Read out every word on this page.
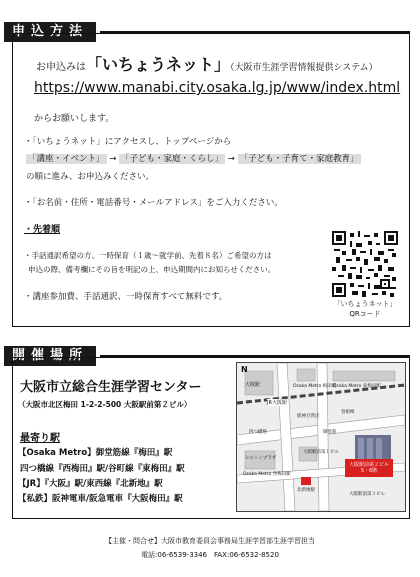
申込方法
お申込みは「いちょうネット」（大阪市生涯学習情報提供システム）
https://www.manabi.city.osaka.lg.jp/www/index.html
からお願いします。
・「いちょうネット」にアクセスし、トップページから
「講座・イベント」 → 「子ども・家庭・くらし」 → 「子ども・子育て・家庭教育」
の順に進み、お申込みください。
・「お名前・住所・電話番号・メールアドレス」をご入力ください。
・先着順
・手話通訳希望の方、一時保育（１歳～就学前、先着８名）ご希望の方は
申込の際、備考欄にその旨を明記の上、申込期間内にお知らせください。
・講座参加費、手話通訳、一時保育すべて無料です。
「いちょうネット」
QRコード
開催場所
大阪市立総合生涯学習センター
（大阪市北区梅田 1-2-2-500 大阪駅前第２ビル）
最寄り駅
【Osaka Metro】御堂筋線『梅田』駅
四つ橋線『西梅田』駅/谷町線『東梅田』駅
【JR】『大阪』駅/東西線『北新地』駅
【私鉄】阪神電車/阪急電車『大阪梅田』駅
N
大阪駅
JR大阪駅
Osaka Metro 梅田駅
Osaka Metro 東梅田駅
Osaka Metro 西梅田駅
阪神百貨店
曽根崎
四つ橋筋	御堂筋
北新地駅
大阪駅前第１ビル
ヒルトンプラザ
大阪駅前第２ビル 5・6階
大阪駅前第３ビル
【主催・問合せ】大阪市教育委員会事務局生涯学習部生涯学習担当
電話:06-6539-3346　FAX:06-6532-8520
